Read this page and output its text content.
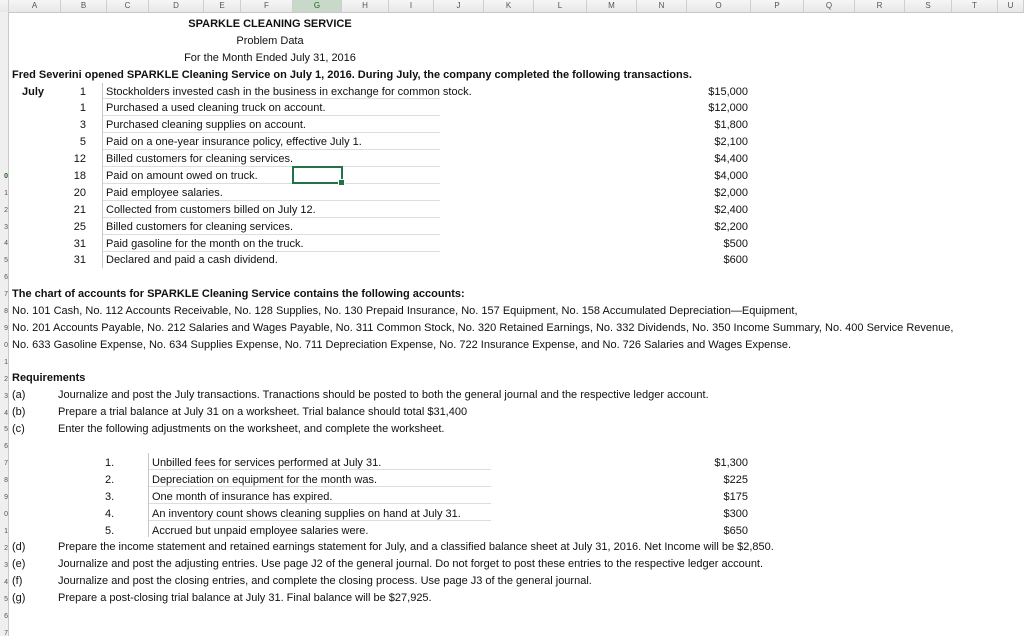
A	B	C	D	E	F	G	H	I	J	K	L	M	N	O	P	Q	R	S	T	U
0
1
2
3
4
5
6
7
8
9
0
1
2
3
4
5
6
7
8
9
0
1
2
3
4
5
6
7
SPARKLE CLEANING SERVICE
Problem Data
For the Month Ended July 31, 2016
Fred Severini opened SPARKLE Cleaning Service on July 1, 2016. During July, the company completed the following transactions.
July	1 Stockholders invested cash in the business in exchange for common stock.	$15,000
1 Purchased a used cleaning truck on account.	$12,000
3 Purchased cleaning supplies on account.	$1,800
5 Paid on a one-year insurance policy, effective July 1.	$2,100
12 Billed customers for cleaning services.	$4,400
18 Paid on amount owed on truck.	$4,000
20 Paid employee salaries.	$2,000
21 Collected from customers billed on July 12.	$2,400
25 Billed customers for cleaning services.	$2,200
31 Paid gasoline for the month on the truck.	$500
31 Declared and paid a cash dividend.	$600
The chart of accounts for SPARKLE Cleaning Service contains the following accounts:
No. 101 Cash, No. 112 Accounts Receivable, No. 128 Supplies, No. 130 Prepaid Insurance, No. 157 Equipment, No. 158 Accumulated Depreciation—Equipment,
No. 201 Accounts Payable, No. 212 Salaries and Wages Payable, No. 311 Common Stock, No. 320 Retained Earnings, No. 332 Dividends, No. 350 Income Summary, No. 400 Service Revenue,
No. 633 Gasoline Expense, No. 634 Supplies Expense, No. 711 Depreciation Expense, No. 722 Insurance Expense, and No. 726 Salaries and Wages Expense.
Requirements
(a)	Journalize and post the July transactions. Tranactions should be posted to both the general journal and the respective ledger account.
(b)	Prepare a trial balance at July 31 on a worksheet. Trial balance should total $31,400
(c)	Enter the following adjustments on the worksheet, and complete the worksheet.
1.	Unbilled fees for services performed at July 31.	$1,300
2.	Depreciation on equipment for the month was.	$225
3.	One month of insurance has expired.	$175
4.	An inventory count shows cleaning supplies on hand at July 31.	$300
5.	Accrued but unpaid employee salaries were.	$650
(d)	Prepare the income statement and retained earnings statement for July, and a classified balance sheet at July 31, 2016. Net Income will be $2,850.
(e)	Journalize and post the adjusting entries. Use page J2 of the general journal. Do not forget to post these entries to the respective ledger account.
(f)	Journalize and post the closing entries, and complete the closing process. Use page J3 of the general journal.
(g)	Prepare a post-closing trial balance at July 31. Final balance will be $27,925.
